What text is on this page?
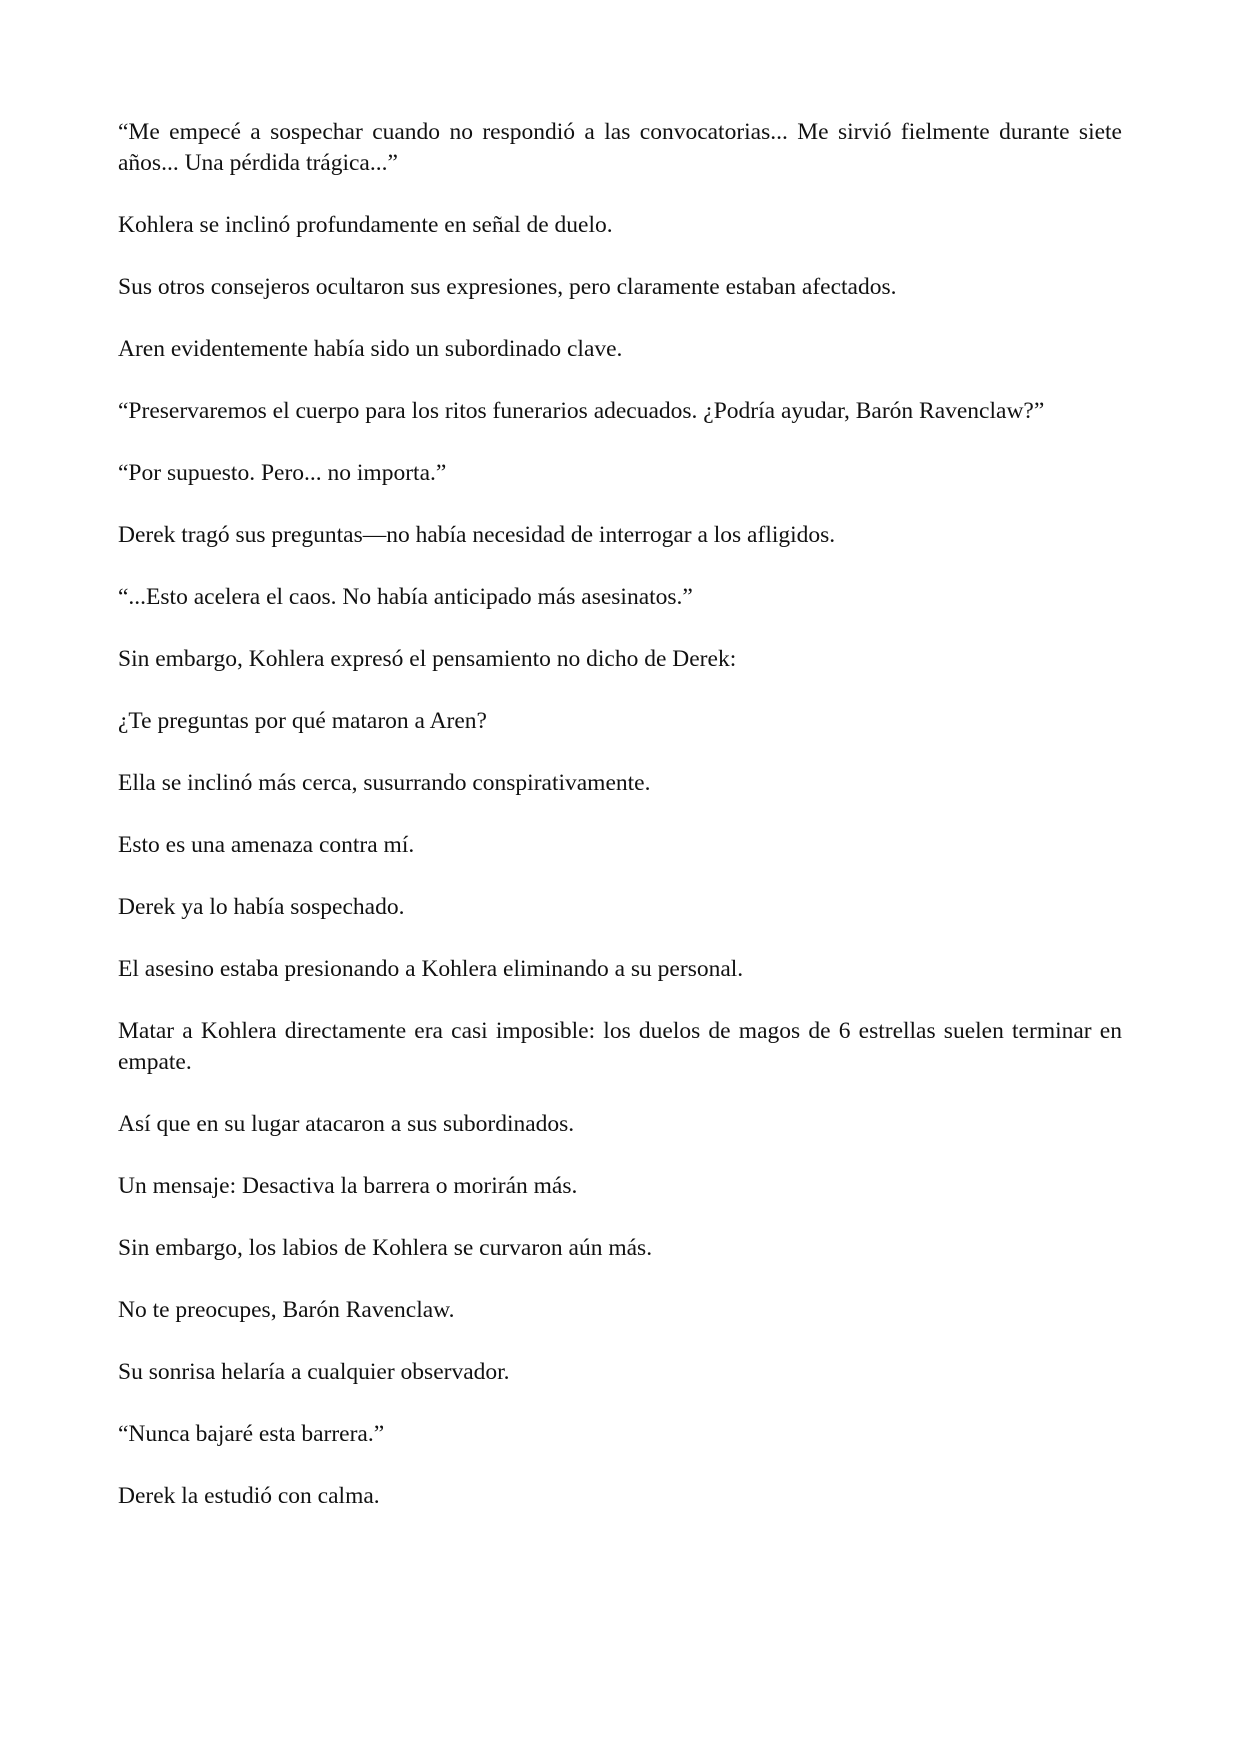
“Me empecé a sospechar cuando no respondió a las convocatorias... Me sirvió fielmente durante siete años... Una pérdida trágica...”

Kohlera se inclinó profundamente en señal de duelo.

Sus otros consejeros ocultaron sus expresiones, pero claramente estaban afectados.

Aren evidentemente había sido un subordinado clave.

“Preservaremos el cuerpo para los ritos funerarios adecuados. ¿Podría ayudar, Barón Ravenclaw?”

“Por supuesto. Pero... no importa.”

Derek tragó sus preguntas—no había necesidad de interrogar a los afligidos.

“...Esto acelera el caos. No había anticipado más asesinatos.”

Sin embargo, Kohlera expresó el pensamiento no dicho de Derek:

¿Te preguntas por qué mataron a Aren?

Ella se inclinó más cerca, susurrando conspirativamente.

Esto es una amenaza contra mí.

Derek ya lo había sospechado.

El asesino estaba presionando a Kohlera eliminando a su personal.

Matar a Kohlera directamente era casi imposible: los duelos de magos de 6 estrellas suelen terminar en empate.

Así que en su lugar atacaron a sus subordinados.

Un mensaje: Desactiva la barrera o morirán más.

Sin embargo, los labios de Kohlera se curvaron aún más.

No te preocupes, Barón Ravenclaw.

Su sonrisa helaría a cualquier observador.

“Nunca bajaré esta barrera.”

Derek la estudió con calma.
